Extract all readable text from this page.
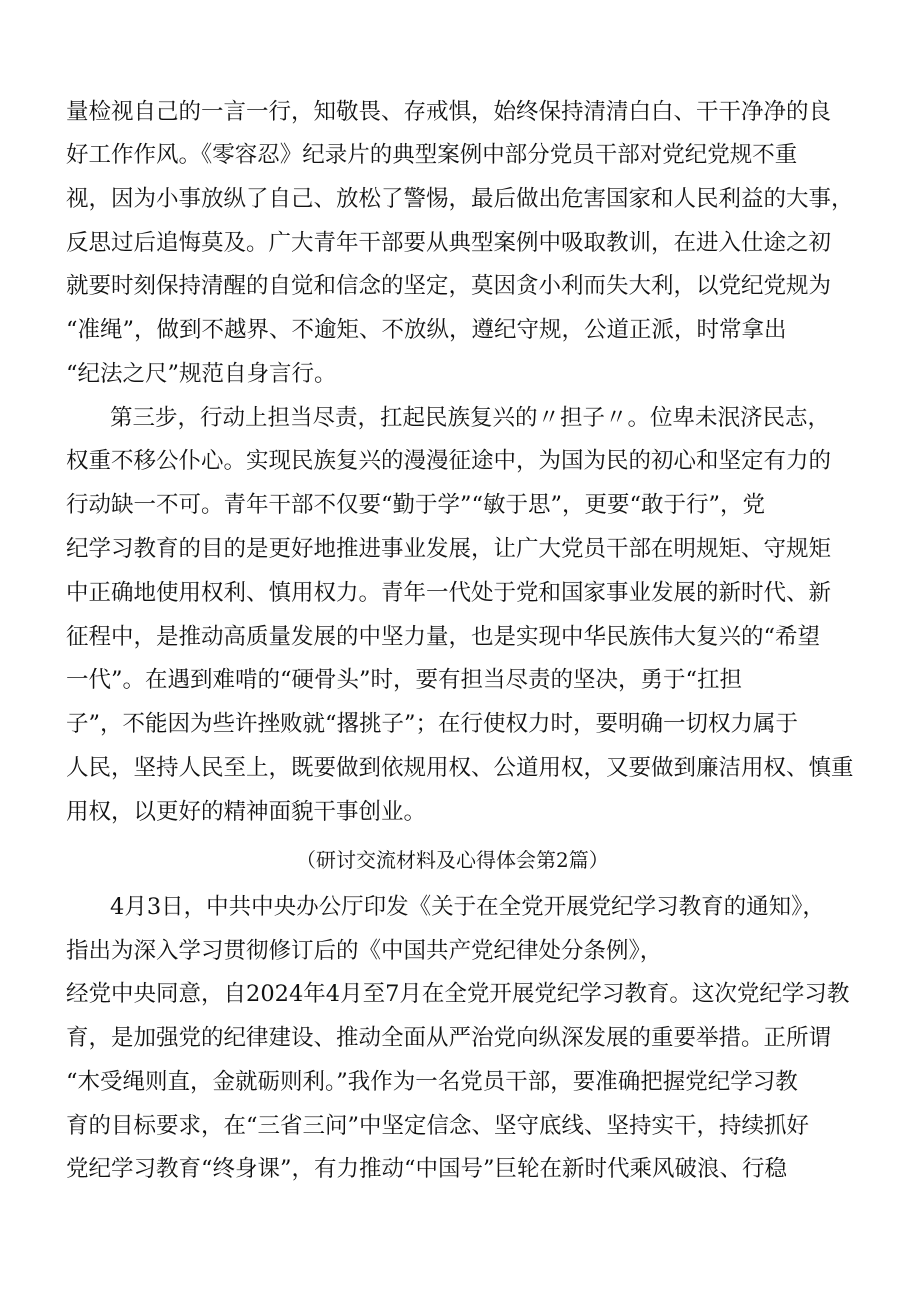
量检视自己的一言一行，知敬畏、存戒惧，始终保持清清白白、干干净净的良
好工作作风。《零容忍》纪录片的典型案例中部分党员干部对党纪党规不重
视，因为小事放纵了自己、放松了警惕，最后做出危害国家和人民利益的大事，
反思过后追悔莫及。广大青年干部要从典型案例中吸取教训，在进入仕途之初
就要时刻保持清醒的自觉和信念的坚定，莫因贪小利而失大利，以党纪党规为
“准绳”，做到不越界、不逾矩、不放纵，遵纪守规，公道正派，时常拿出
“纪法之尺”规范自身言行。
第三步，行动上担当尽责，扛起民族复兴的〃担子〃。位卑未泯济民志，
权重不移公仆心。实现民族复兴的漫漫征途中，为国为民的初心和坚定有力的
行动缺一不可。青年干部不仅要“勤于学”“敏于思”，更要“敢于行”，党
纪学习教育的目的是更好地推进事业发展，让广大党员干部在明规矩、守规矩
中正确地使用权利、慎用权力。青年一代处于党和国家事业发展的新时代、新
征程中，是推动高质量发展的中坚力量，也是实现中华民族伟大复兴的“希望
一代”。在遇到难啃的“硬骨头”时，要有担当尽责的坚决，勇于“扛担
子”，不能因为些许挫败就“撂挑子”；在行使权力时，要明确一切权力属于
人民，坚持人民至上，既要做到依规用权、公道用权，又要做到廉洁用权、慎重
用权，以更好的精神面貌干事创业。
（研讨交流材料及心得体会第2篇）
4月3日，中共中央办公厅印发《关于在全党开展党纪学习教育的通知》，
指出为深入学习贯彻修订后的《中国共产党纪律处分条例》，
经党中央同意，自2024年4月至7月在全党开展党纪学习教育。这次党纪学习教
育，是加强党的纪律建设、推动全面从严治党向纵深发展的重要举措。正所谓
“木受绳则直，金就砺则利。”我作为一名党员干部，要准确把握党纪学习教
育的目标要求，在“三省三问”中坚定信念、坚守底线、坚持实干，持续抓好
党纪学习教育“终身课”，有力推动“中国号”巨轮在新时代乘风破浪、行稳
